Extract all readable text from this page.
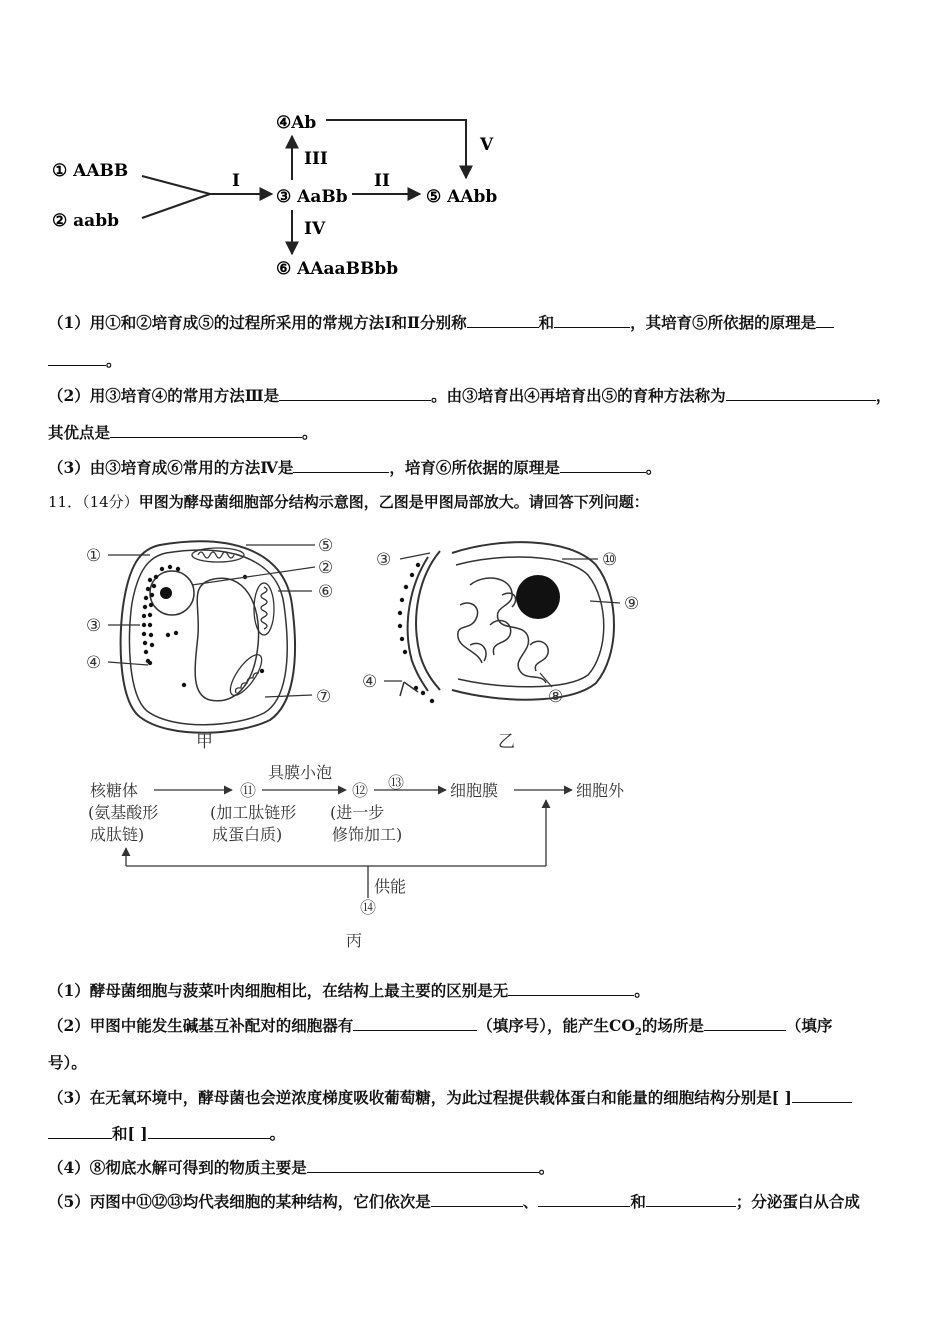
① AABB
② aabb
③ AaBb
④Ab
⑤ AAbb
⑥ AAaaBBbb
I	II
III
IV
V
（1）用①和②培育成⑤的过程所采用的常规方法Ⅰ和Ⅱ分别称	和	，其培育⑤所依据的原理是
。
（2）用③培育④的常用方法Ⅲ是	。由③培育出④再培育出⑤的育种方法称为	，
其优点是	。
（3）由③培育成⑥常用的方法Ⅳ是	，培育⑥所依据的原理是	。
11．（14分）甲图为酵母菌细胞部分结构示意图，乙图是甲图局部放大。请回答下列问题：
①	⑤
②
⑥
③
④
⑦
甲
③	⑩
⑨
④
⑧
乙
核糖体
(氨基酸形
成肽链)
⑪
(加工肽链形
成蛋白质)
具膜小泡
⑫ ⑬
(进一步
修饰加工)
细胞膜	细胞外
供能
⑭
丙
（1）酵母菌细胞与菠菜叶肉细胞相比，在结构上最主要的区别是无	。
（2）甲图中能发生碱基互补配对的细胞器有	（填序号），能产生$CO_2$的场所是	（填序
号）。
（3）在无氧环境中，酵母菌也会逆浓度梯度吸收葡萄糖，为此过程提供载体蛋白和能量的细胞结构分别是[ ]
和[ ]	。
（4）⑧彻底水解可得到的物质主要是	。
（5）丙图中⑪⑫⑬均代表细胞的某种结构，它们依次是	、	和	；分泌蛋白从合成
